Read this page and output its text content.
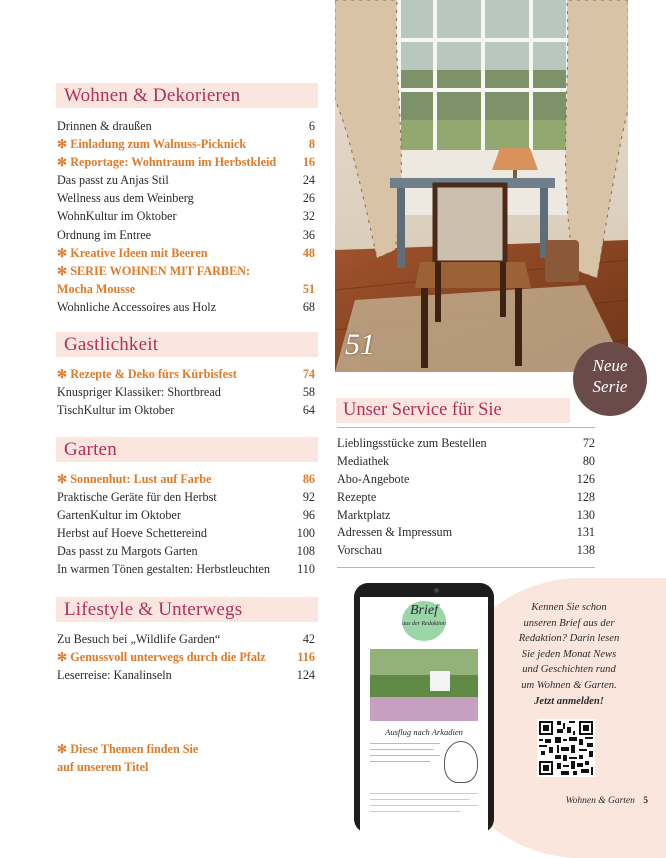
Wohnen & Dekorieren
Drinnen & draußen	6
✻ Einladung zum Walnuss-Picknick	8
✻ Reportage: Wohntraum im Herbstkleid 16
Das passt zu Anjas Stil	24
Wellness aus dem Weinberg	26
WohnKultur im Oktober	32
Ordnung im Entree	36
✻ Kreative Ideen mit Beeren	48
✻ SERIE WOHNEN MIT FARBEN:
Mocha Mousse	51
Wohnliche Accessoires aus Holz	68
Gastlichkeit
✻ Rezepte & Deko fürs Kürbisfest	74
Knuspriger Klassiker: Shortbread	58
TischKultur im Oktober	64
Garten
✻ Sonnenhut: Lust auf Farbe	86
Praktische Geräte für den Herbst	92
GartenKultur im Oktober	96
Herbst auf Hoeve Schettereind	100
Das passt zu Margots Garten	108
In warmen Tönen gestalten: Herbstleuchten 110
Lifestyle & Unterwegs
Zu Besuch bei „Wildlife Garden“	42
✻ Genussvoll unterwegs durch die Pfalz	116
Leserreise: Kanalinseln	124
51
Neue
Serie
Unser Service für Sie
Lieblingsstücke zum Bestellen	72
Mediathek	80
Abo-Angebote	126
Rezepte	128
Marktplatz	130
Adressen & Impressum	131
Vorschau	138
Brief
aus der Redaktion
Ausflug nach Arkadien
Kennen Sie schon
unseren Brief aus der
Redaktion? Darin lesen
Sie jeden Monat News
und Geschichten rund
um Wohnen & Garten.
Jetzt anmelden!
✻ Diese Themen finden Sie
auf unserem Titel
Wohnen & Garten 5
